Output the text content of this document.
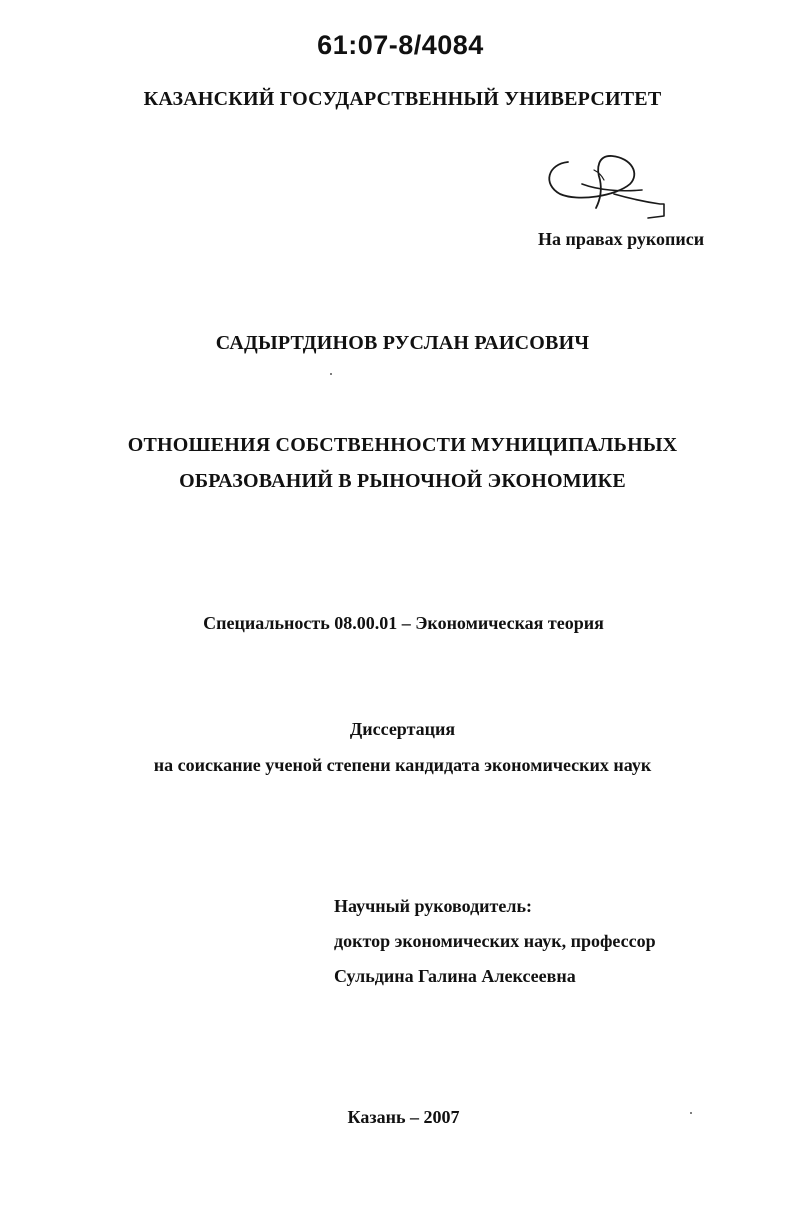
61:07-8/4084
КАЗАНСКИЙ ГОСУДАРСТВЕННЫЙ УНИВЕРСИТЕТ
На правах рукописи
САДЫРТДИНОВ РУСЛАН РАИСОВИЧ
ОТНОШЕНИЯ СОБСТВЕННОСТИ МУНИЦИПАЛЬНЫХ
ОБРАЗОВАНИЙ В РЫНОЧНОЙ ЭКОНОМИКЕ
Специальность 08.00.01 – Экономическая теория
Диссертация
на соискание ученой степени кандидата экономических наук
Научный руководитель:
доктор экономических наук, профессор
Сульдина Галина Алексеевна
Казань – 2007
